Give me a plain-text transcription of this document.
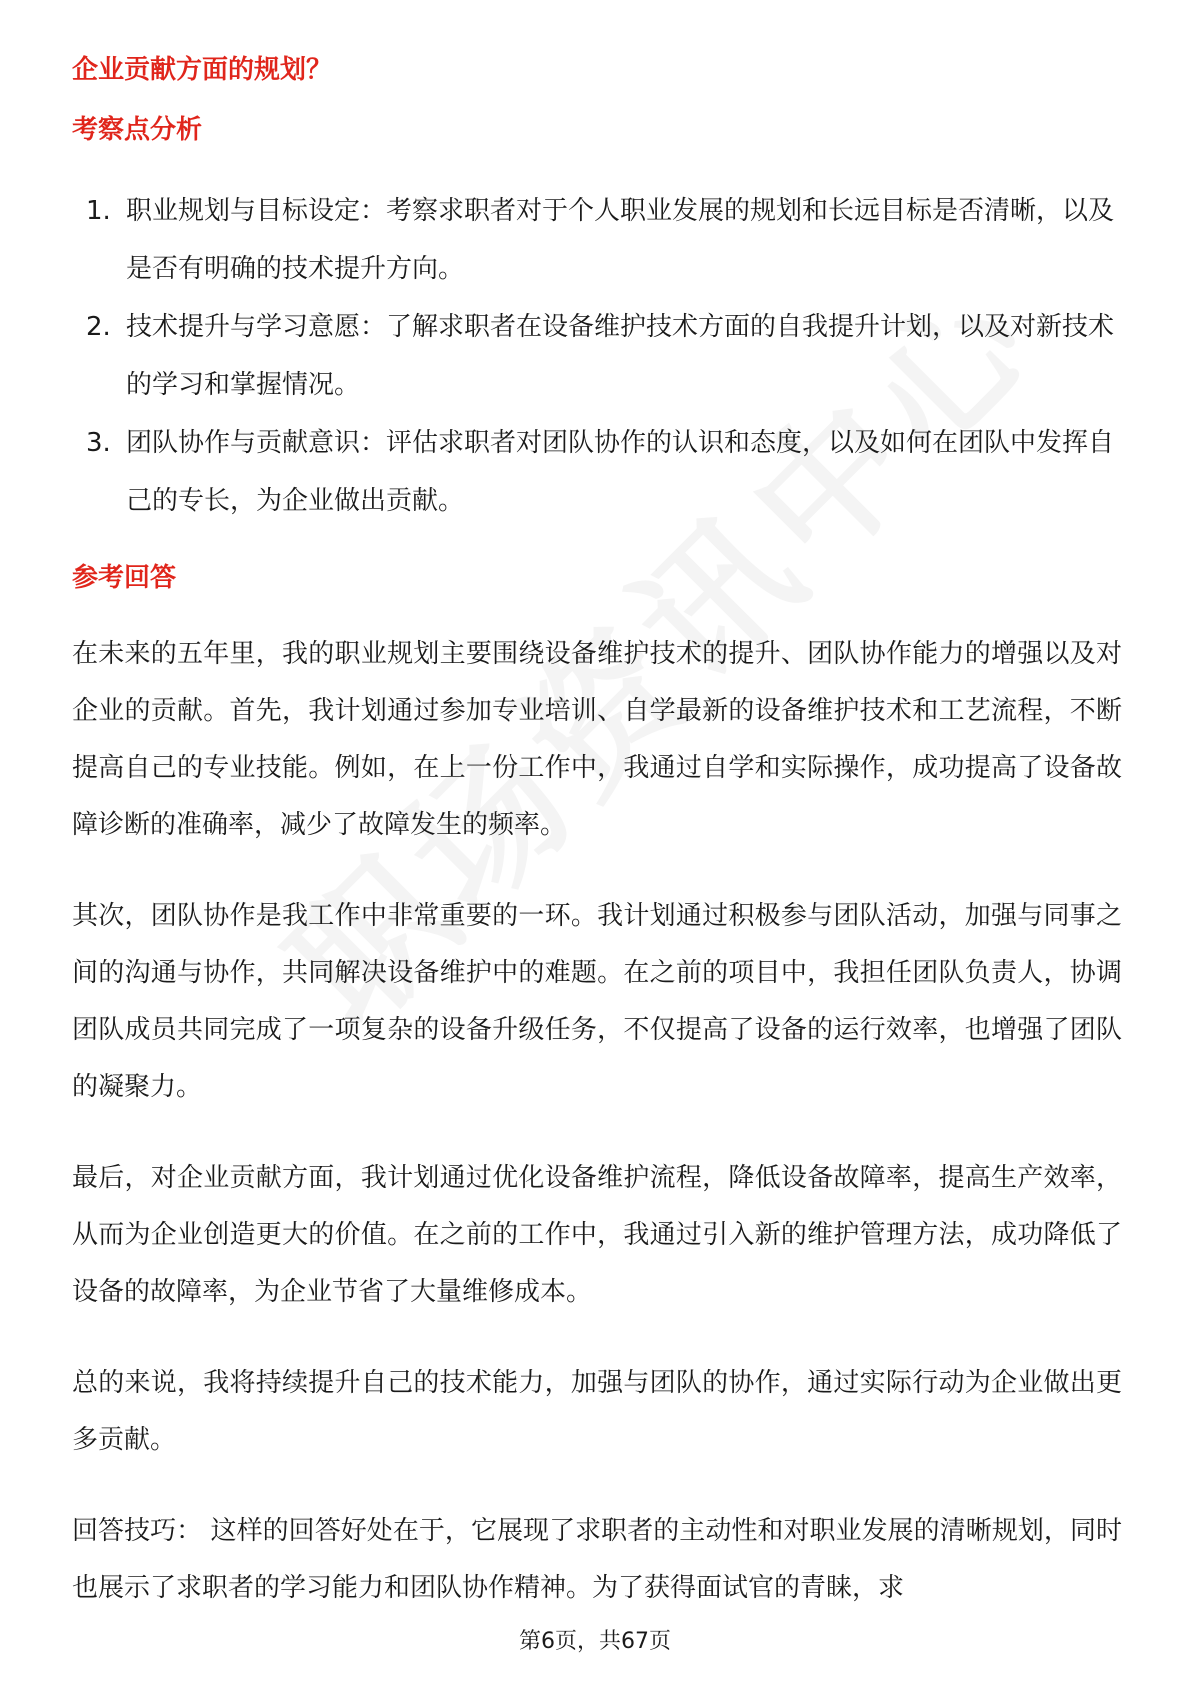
企业贡献方面的规划？
考察点分析
1. 职业规划与目标设定：考察求职者对于个人职业发展的规划和长远目标是否清晰，以及是否有明确的技术提升方向。
2. 技术提升与学习意愿：了解求职者在设备维护技术方面的自我提升计划，以及对新技术的学习和掌握情况。
3. 团队协作与贡献意识：评估求职者对团队协作的认识和态度，以及如何在团队中发挥自己的专长，为企业做出贡献。
参考回答

在未来的五年里，我的职业规划主要围绕设备维护技术的提升、团队协作能力的增强以及对企业的贡献。首先，我计划通过参加专业培训、自学最新的设备维护技术和工艺流程，不断提高自己的专业技能。例如，在上一份工作中，我通过自学和实际操作，成功提高了设备故障诊断的准确率，减少了故障发生的频率。

其次，团队协作是我工作中非常重要的一环。我计划通过积极参与团队活动，加强与同事之间的沟通与协作，共同解决设备维护中的难题。在之前的项目中，我担任团队负责人，协调团队成员共同完成了一项复杂的设备升级任务，不仅提高了设备的运行效率，也增强了团队的凝聚力。

最后，对企业贡献方面，我计划通过优化设备维护流程，降低设备故障率，提高生产效率，从而为企业创造更大的价值。在之前的工作中，我通过引入新的维护管理方法，成功降低了设备的故障率，为企业节省了大量维修成本。

总的来说，我将持续提升自己的技术能力，加强与团队的协作，通过实际行动为企业做出更多贡献。

回答技巧： 这样的回答好处在于，它展现了求职者的主动性和对职业发展的清晰规划，同时也展示了求职者的学习能力和团队协作精神。为了获得面试官的青睐，求

第6页，共67页
